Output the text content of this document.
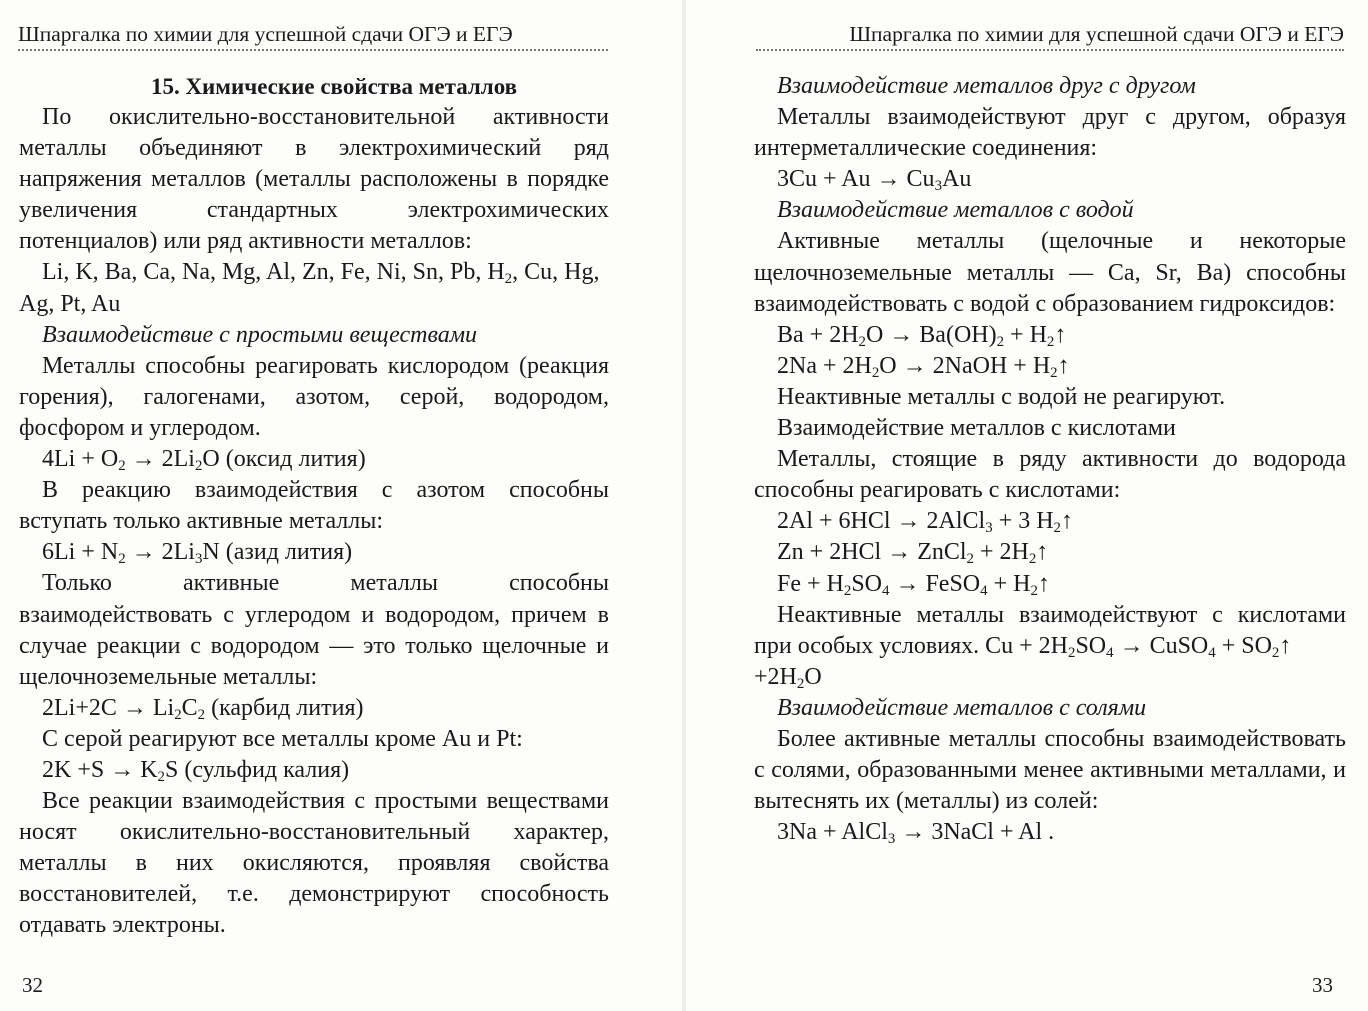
Шпаргалка по химии для успешной сдачи ОГЭ и ЕГЭ
15. Химические свойства металлов

По окислительно-восстановительной активности металлы объединяют в электрохимический ряд напряжения металлов (металлы расположены в порядке увеличения стандартных электрохимических потенциалов) или ряд активности металлов:

Li, K, Ba, Ca, Na, Mg, Al, Zn, Fe, Ni, Sn, Pb, $H_2$, Cu, Hg,
Ag, Pt, Au
Взаимодействие с простыми веществами

Металлы способны реагировать кислородом (реакция горения), галогенами, азотом, серой, водородом, фосфором и углеродом.

$4Li + O_2 \to 2Li_2O$ (оксид лития)

В реакцию взаимодействия с азотом способны вступать только активные металлы:

$6Li + N_2 \to 2Li_3N$ (азид лития)

Только активные металлы способны взаимодействовать с углеродом и водородом, причем в случае реакции с водородом — это только щелочные и щелочноземельные металлы:

$2Li+2C \to Li_2C_2$ (карбид лития)
С серой реагируют все металлы кроме Au и Pt:
$2K +S \to K_2S$ (сульфид калия)

Все реакции взаимодействия с простыми веществами носят окислительно-восстановительный характер, металлы в них окисляются, проявляя свойства восстановителей, т.е. демонстрируют способность отдавать электроны.

32
Шпаргалка по химии для успешной сдачи ОГЭ и ЕГЭ
Взаимодействие металлов друг с другом

Металлы взаимодействуют друг с другом, образуя интерметаллические соединения:

$3Cu + Au \to Cu_3Au$
Взаимодействие металлов с водой

Активные металлы (щелочные и некоторые щелочноземельные металлы — Ca, Sr, Ba) способны взаимодействовать с водой с образованием гидроксидов:

$Ba + 2H_2O \to Ba(OH)_2$ + $H_2↑$
$2Na + 2H_2O$ → 2NaOH + $H_2↑$
Неактивные металлы с водой не реагируют.
Взаимодействие металлов с кислотами

Металлы, стоящие в ряду активности до водорода способны реагировать с кислотами:

2Al + 6HCl → 2AlCl$_3$ + 3 $H_2↑$
Zn + 2HCl → ZnCl$_2$ + $2H_2↑$
$Fe + H_2SO_4$ → FeSO$_4$ + $H_2↑$

Неактивные металлы взаимодействуют с кислотами при особых условиях. $Cu + 2H_2SO_4$ → CuSO$_4$ + $SO_2↑$

$+2H_2O$
Взаимодействие металлов с солями

Более активные металлы способны взаимодействовать с солями, образованными менее активными металлами, и вытеснять их (металлы) из солей:

3Na + AlCl$_3$ → 3NaCl + Al .
33
